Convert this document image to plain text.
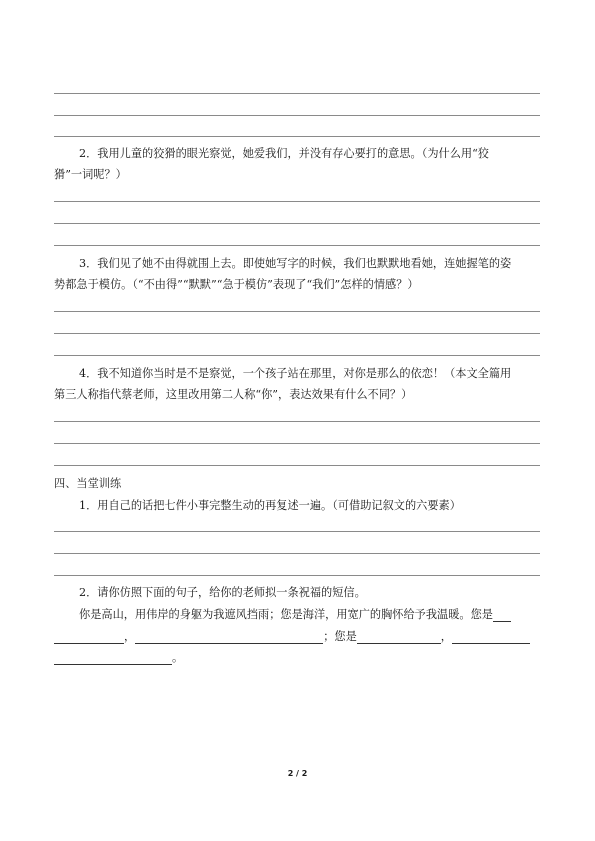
2．我用儿童的狡猾的眼光察觉，她爱我们，并没有存心要打的意思。（为什么用“狡
猾”一词呢？）
3．我们见了她不由得就围上去。即使她写字的时候，我们也默默地看她，连她握笔的姿
势都急于模仿。（“不由得”“默默”“急于模仿”表现了“我们”怎样的情感？）
4．我不知道你当时是不是察觉，一个孩子站在那里，对你是那么的依恋！（本文全篇用
第三人称指代蔡老师，这里改用第二人称“你”，表达效果有什么不同？）
四、当堂训练
1．用自己的话把七件小事完整生动的再复述一遍。（可借助记叙文的六要素）
2．请你仿照下面的句子，给你的老师拟一条祝福的短信。
你是高山，用伟岸的身躯为我遮风挡雨；您是海洋，用宽广的胸怀给予我温暖。您是
，	；您是	，
。
2 / 2
